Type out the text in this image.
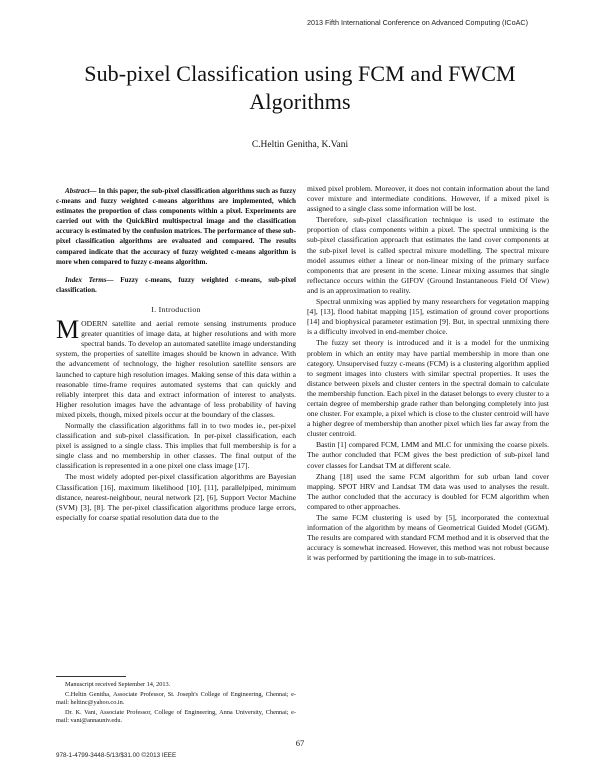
2013 Fifth International Conference on Advanced Computing (ICoAC)
Sub-pixel Classification using FCM and FWCM
Algorithms
C.Heltin Genitha, K.Vani

Abstract— In this paper, the sub-pixel classification algorithms such as fuzzy c-means and fuzzy weighted c-means algorithms are implemented, which estimates the proportion of class components within a pixel. Experiments are carried out with the QuickBird multispectral image and the classification accuracy is estimated by the confusion matrices. The performance of these sub-pixel classification algorithms are evaluated and compared. The results compared indicate that the accuracy of fuzzy weighted c-means algorithm is more when compared to fuzzy c-means algorithm.

Index Terms— Fuzzy c-means, fuzzy weighted c-means, sub-pixel classification.

I. Introduction

MODERN satellite and aerial remote sensing instruments produce greater quantities of image data, at higher resolutions and with more spectral bands. To develop an automated satellite image understanding system, the properties of satellite images should be known in advance. With the advancement of technology, the higher resolution satellite sensors are launched to capture high resolution images. Making sense of this data within a reasonable time-frame requires automated systems that can quickly and reliably interpret this data and extract information of interest to analysts. Higher resolution images have the advantage of less probability of having mixed pixels, though, mixed pixels occur at the boundary of the classes.

Normally the classification algorithms fall in to two modes ie., per-pixel classification and sub-pixel classification. In per-pixel classification, each pixel is assigned to a single class. This implies that full membership is for a single class and no membership in other classes. The final output of the classification is represented in a one pixel one class image [17].

The most widely adopted per-pixel classification algorithms are Bayesian Classification [16], maximum likelihood [10], [11], parallelpiped, minimum distance, nearest-neighbour, neural network [2], [6], Support Vector Machine (SVM) [3], [8]. The per-pixel classification algorithms produce large errors, especially for coarse spatial resolution data due to the

Manuscript received September 14, 2013.

C.Heltin Genitha, Associate Professor, St. Joseph's College of Engineering, Chennai; e-mail: heltinc@yahoo.co.in.

Dr. K. Vani, Associate Professor, College of Engineering, Anna University, Chennai; e-mail: vani@annauniv.edu.

mixed pixel problem. Moreover, it does not contain information about the land cover mixture and intermediate conditions. However, if a mixed pixel is assigned to a single class some information will be lost.

Therefore, sub-pixel classification technique is used to estimate the proportion of class components within a pixel. The spectral unmixing is the sub-pixel classification approach that estimates the land cover components at the sub-pixel level is called spectral mixure modelling. The spectral mixure model assumes either a linear or non-linear mixing of the primary surface components that are present in the scene. Linear mixing assumes that single reflectance occurs within the GIFOV (Ground Instantaneous Field Of View) and is an approximation to reality.

Spectral unmixing was applied by many researchers for vegetation mapping [4], [13], flood habitat mapping [15], estimation of ground cover proportions [14] and biophysical parameter estimation [9]. But, in spectral unmixing there is a difficulty involved in end-member choice.

The fuzzy set theory is introduced and it is a model for the unmixing problem in which an entity may have partial membership in more than one category. Unsupervised fuzzy c-means (FCM) is a clustering algorithm applied to segment images into clusters with similar spectral properties. It uses the distance between pixels and cluster centers in the spectral domain to calculate the membership function. Each pixel in the dataset belongs to every cluster to a certain degree of membership grade rather than belonging completely into just one cluster. For example, a pixel which is close to the cluster centroid will have a higher degree of membership than another pixel which lies far away from the cluster centroid.

Bastin [1] compared FCM, LMM and MLC for unmixing the coarse pixels. The author concluded that FCM gives the best prediction of sub-pixel land cover classes for Landsat TM at different scale.

Zhang [18] used the same FCM algorithm for sub urban land cover mapping. SPOT HRV and Landsat TM data was used to analyses the result. The author concluded that the accuracy is doubled for FCM algorithm when compared to other approaches.

The same FCM clustering is used by [5], incorporated the contextual information of the algorithm by means of Geometrical Guided Model (GGM). The results are compared with standard FCM method and it is observed that the accuracy is somewhat increased. However, this method was not robust because it was performed by partitioning the image in to sub-matrices.

67
978-1-4799-3448-5/13/$31.00 ©2013 IEEE
